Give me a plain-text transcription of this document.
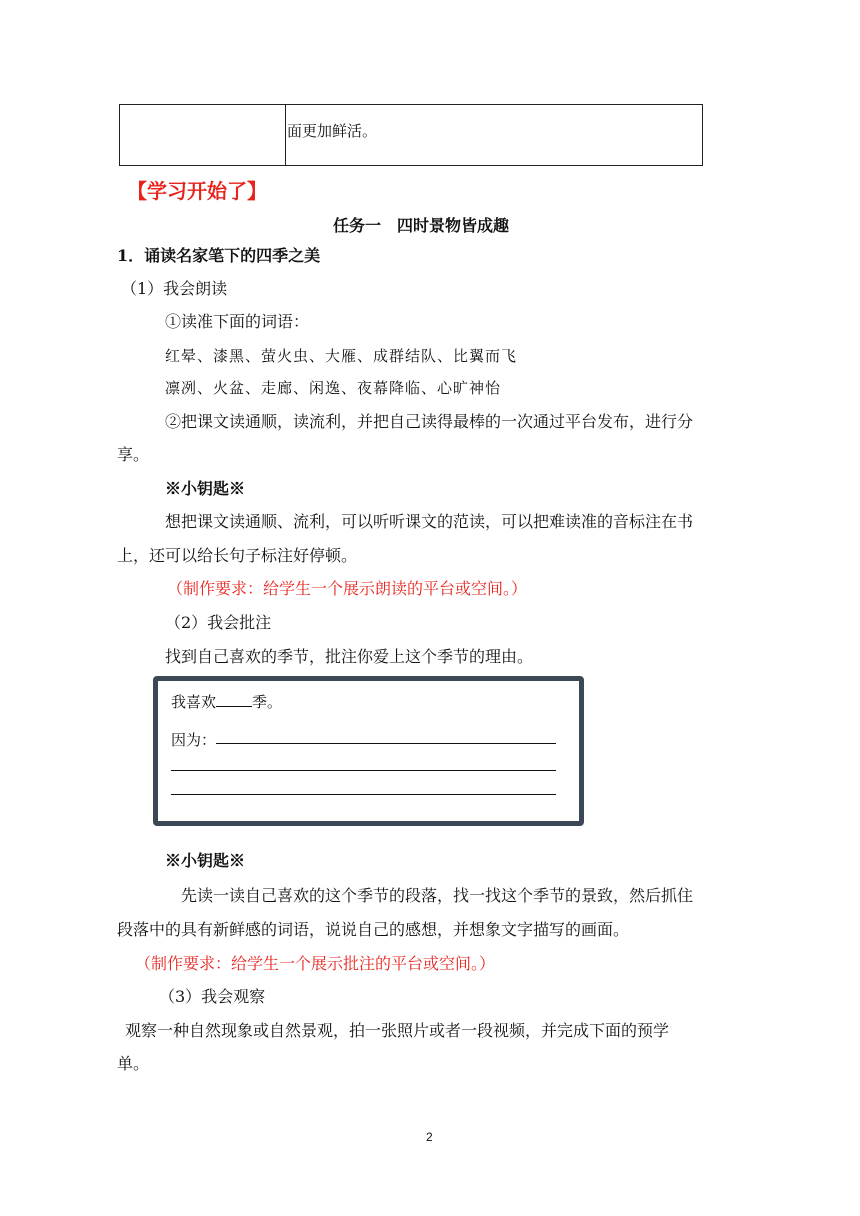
面更加鲜活。
【学习开始了】
任务一　四时景物皆成趣
1．诵读名家笔下的四季之美
（1）我会朗读
①读准下面的词语：
红晕、漆黑、萤火虫、大雁、成群结队、比翼而飞
凛冽、火盆、走廊、闲逸、夜幕降临、心旷神怡
②把课文读通顺，读流利，并把自己读得最棒的一次通过平台发布，进行分
享。
※小钥匙※
想把课文读通顺、流利，可以听听课文的范读，可以把难读准的音标注在书
上，还可以给长句子标注好停顿。
（制作要求：给学生一个展示朗读的平台或空间。）
（2）我会批注
找到自己喜欢的季节，批注你爱上这个季节的理由。
我喜欢 季。
因为：
※小钥匙※
先读一读自己喜欢的这个季节的段落，找一找这个季节的景致，然后抓住
段落中的具有新鲜感的词语，说说自己的感想，并想象文字描写的画面。
（制作要求：给学生一个展示批注的平台或空间。）
（3）我会观察
观察一种自然现象或自然景观，拍一张照片或者一段视频，并完成下面的预学
单。
2
